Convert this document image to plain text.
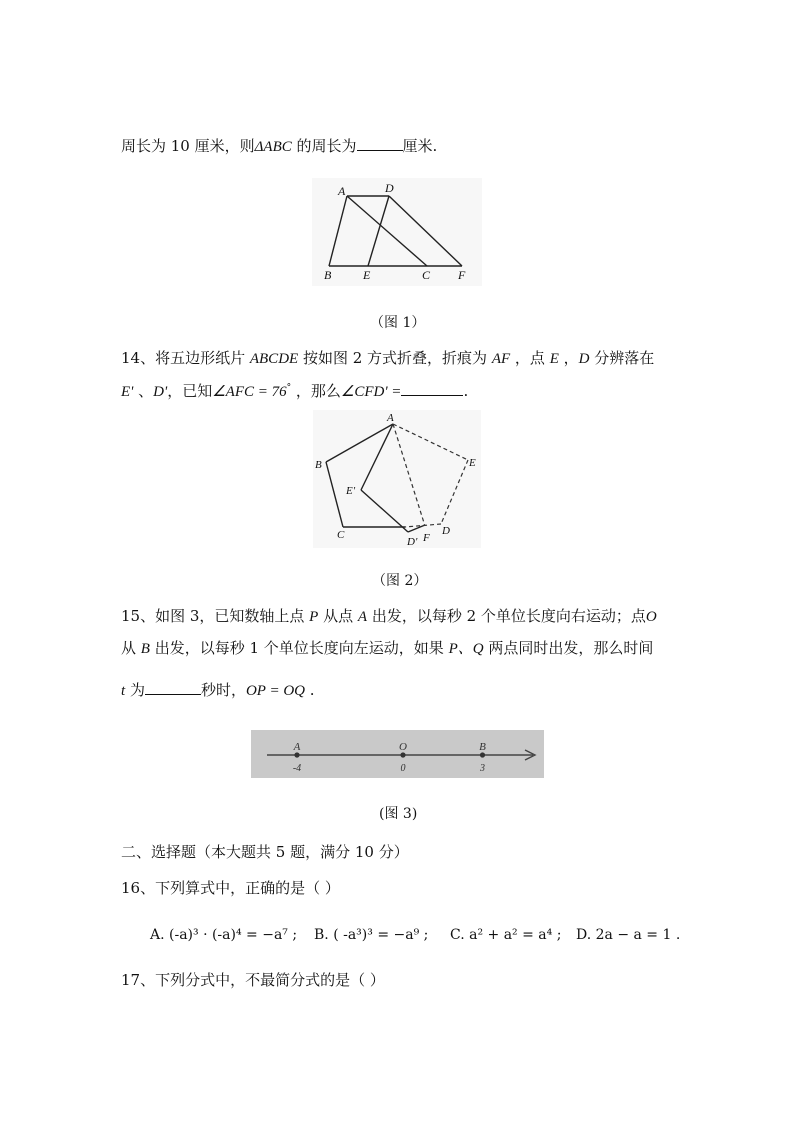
周长为 10 厘米，则ΔABC 的周长为	厘米.
A	D
B	E	C F
（图 1）
14、将五边形纸片 ABCDE 按如图 2 方式折叠，折痕为 AF ，点 E ，D 分辨落在
E' 、D'，已知∠AFC = 76° ，那么∠CFD' =	.
A
B
C
E'
E
D
D' F
（图 2）
15、如图 3，已知数轴上点 P 从点 A 出发，以每秒 2 个单位长度向右运动；点O
从 B 出发，以每秒 1 个单位长度向左运动，如果 P、Q 两点同时出发，那么时间
t 为	秒时，OP = OQ .
A
-4
O
0
B
3
(图 3)
二、选择题（本大题共 5 题，满分 10 分）
16、下列算式中，正确的是（ ）
A. (-a)³ · (-a)⁴ = −a⁷ ; B. ( -a³)³ = −a⁹ ; C. a² + a² = a⁴ ; D. 2a − a = 1 .
17、下列分式中，不最简分式的是（ ）
